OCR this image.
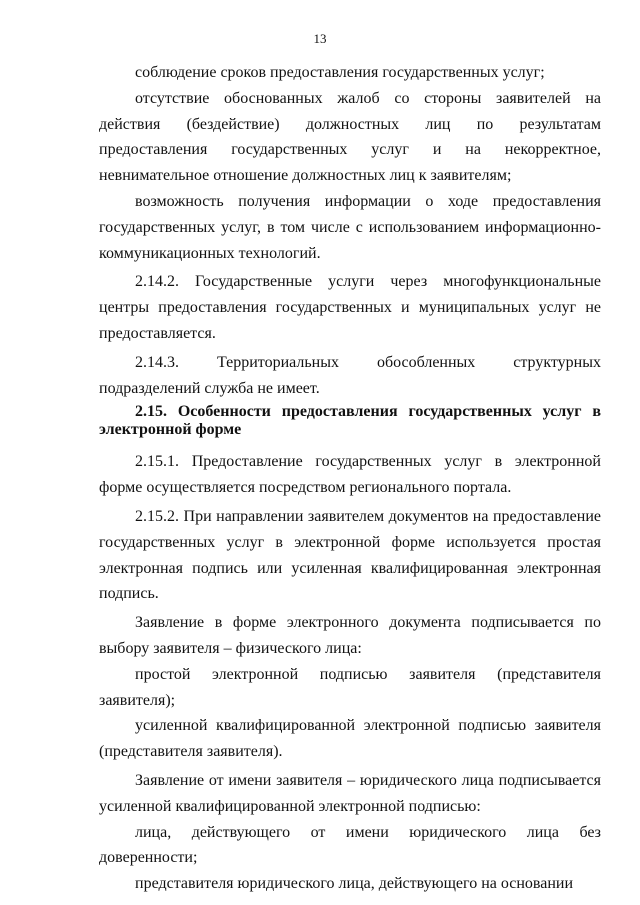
13

соблюдение сроков предоставления государственных услуг;

отсутствие обоснованных жалоб со стороны заявителей на действия (бездействие) должностных лиц по результатам предоставления государственных услуг и на некорректное, невнимательное отношение должностных лиц к заявителям;

возможность получения информации о ходе предоставления государственных услуг, в том числе с использованием информационно-коммуникационных технологий.

2.14.2. Государственные услуги через многофункциональные центры предоставления государственных и муниципальных услуг не предоставляется.

2.14.3. Территориальных обособленных структурных подразделений служба не имеет.

2.15. Особенности предоставления государственных услуг в электронной форме

2.15.1. Предоставление государственных услуг в электронной форме осуществляется посредством регионального портала.

2.15.2. При направлении заявителем документов на предоставление государственных услуг в электронной форме используется простая электронная подпись или усиленная квалифицированная электронная подпись.

Заявление в форме электронного документа подписывается по выбору заявителя – физического лица:

простой электронной подписью заявителя (представителя заявителя);

усиленной квалифицированной электронной подписью заявителя (представителя заявителя).

Заявление от имени заявителя – юридического лица подписывается усиленной квалифицированной электронной подписью:

лица, действующего от имени юридического лица без доверенности;

представителя юридического лица, действующего на основании
